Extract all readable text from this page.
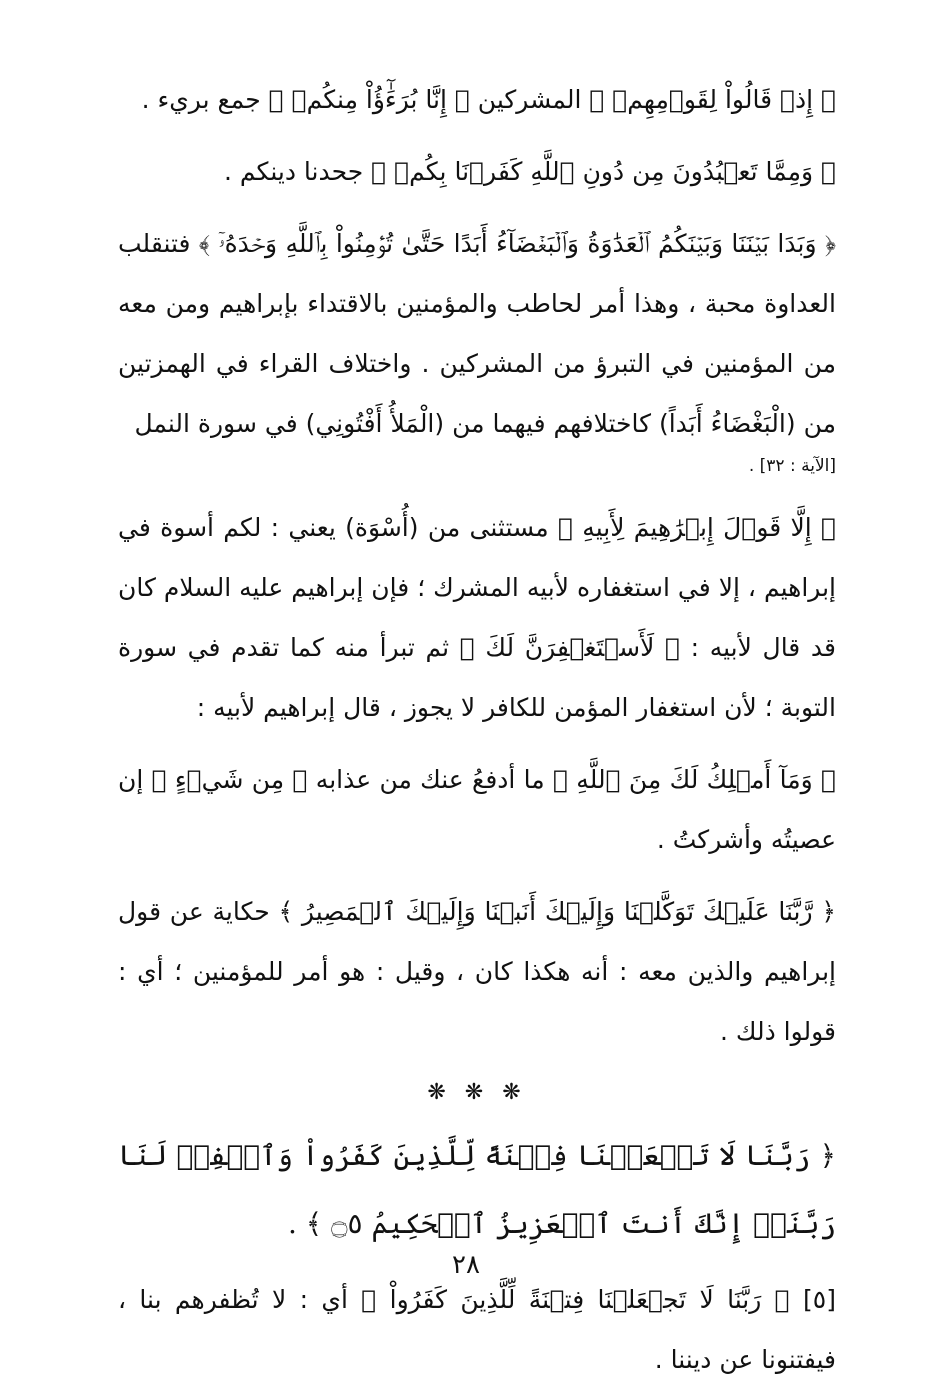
﴿ إِذۡ قَالُواْ لِقَوۡمِهِمۡ ﴾ المشركين ﴿ إِنَّا بُرَءَٰٓؤُاْ مِنكُمۡ ﴾ جمع بريء .

﴿ وَمِمَّا تَعۡبُدُونَ مِن دُونِ ٱللَّهِ كَفَرۡنَا بِكُمۡ ﴾ جحدنا دينكم .

﴿ وَبَدَا بَيۡنَنَا وَبَيۡنَكُمُ ٱلۡعَدَٰوَةُ وَٱلۡبَغۡضَآءُ أَبَدًا حَتَّىٰ تُؤۡمِنُواْ بِٱللَّهِ وَحۡدَهُۥٓ ﴾ فتنقلب العداوة محبة ، وهذا أمر لحاطب والمؤمنين بالاقتداء بإبراهيم ومن معه من المؤمنين في التبرؤ من المشركين . واختلاف القراء في الهمزتين من (الْبَغْضَاءُ أَبَداً) كاختلافهم فيهما من (الْمَلأُ أَفْتُونِي) في سورة النمل

[الآية : ٣٢] .

﴿ إِلَّا قَوۡلَ إِبۡرَٰهِيمَ لِأَبِيهِ ﴾ مستثنى من (أُسْوَة) يعني : لكم أسوة في إبراهيم ، إلا في استغفاره لأبيه المشرك ؛ فإن إبراهيم عليه السلام كان قد قال لأبيه : ﴿ لَأَسۡتَغۡفِرَنَّ لَكَ ﴾ ثم تبرأ منه كما تقدم في سورة التوبة ؛ لأن استغفار المؤمن للكافر لا يجوز ، قال إبراهيم لأبيه :

﴿ وَمَآ أَمۡلِكُ لَكَ مِنَ ٱللَّهِ ﴾ ما أدفعُ عنك من عذابه ﴿ مِن شَيۡءٍ ﴾ إن عصيتُه وأشركتُ .

﴿ رَّبَّنَا عَلَيۡكَ تَوَكَّلۡنَا وَإِلَيۡكَ أَنَبۡنَا وَإِلَيۡكَ ٱلۡمَصِيرُ ﴾ حكاية عن قول إبراهيم والذين معه : أنه هكذا كان ، وقيل : هو أمر للمؤمنين ؛ أي : قولوا ذلك .

❋ ❋ ❋

﴿ رَبَّنَا لَا تَجۡعَلۡنَا فِتۡنَةً لِّلَّذِينَ كَفَرُواْ وَٱغۡفِرۡ لَنَا رَبَّنَآۖ إِنَّكَ أَنتَ ٱلۡعَزِيزُ ٱلۡحَكِيمُ ۝٥ ﴾ .

[٥] ﴿ رَبَّنَا لَا تَجۡعَلۡنَا فِتۡنَةً لِّلَّذِينَ كَفَرُواْ ﴾ أي : لا تُظفرهم بنا ، فيفتنونا عن ديننا .

٢٨
